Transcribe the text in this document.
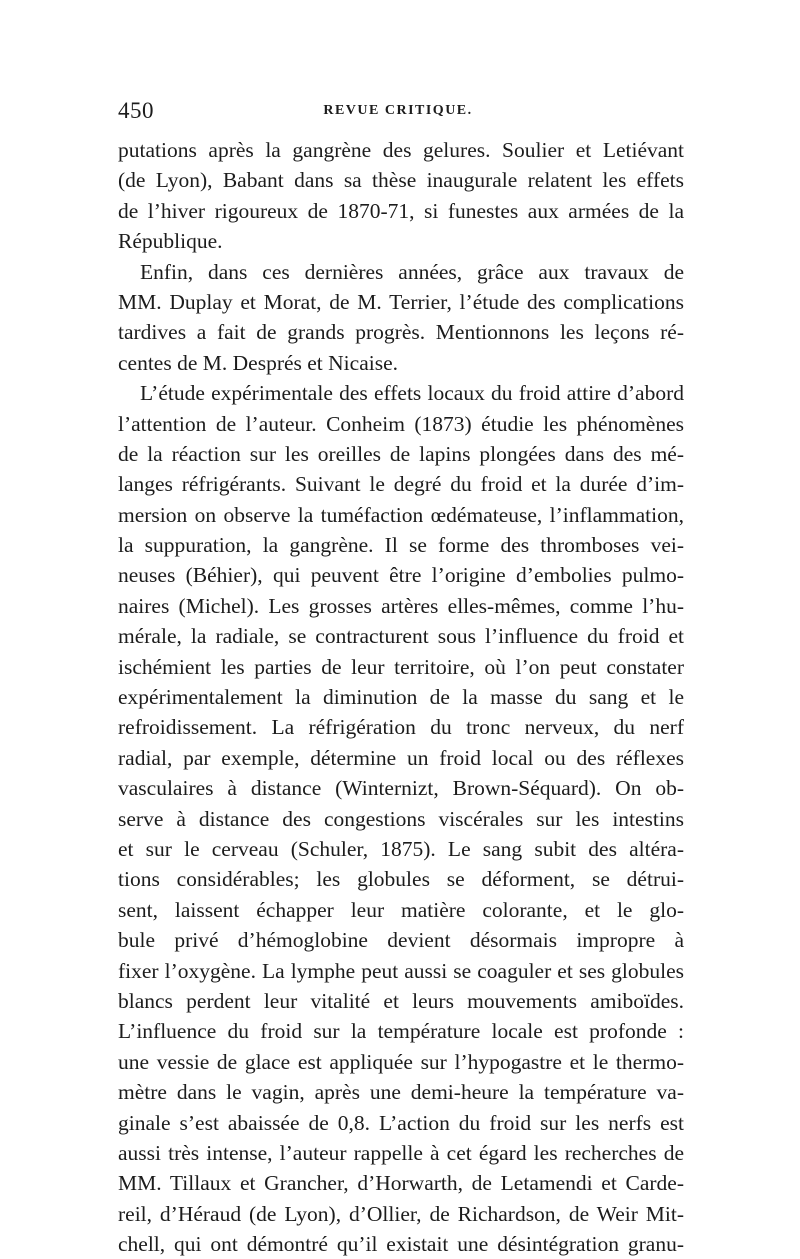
450	REVUE CRITIQUE.
putations après la gangrène des gelures. Soulier et Letiévant
(de Lyon), Babant dans sa thèse inaugurale relatent les effets
de l’hiver rigoureux de 1870-71, si funestes aux armées de la
République.
Enfin, dans ces dernières années, grâce aux travaux de
MM. Duplay et Morat, de M. Terrier, l’étude des complications
tardives a fait de grands progrès. Mentionnons les leçons ré-
centes de M. Després et Nicaise.
L’étude expérimentale des effets locaux du froid attire d’abord
l’attention de l’auteur. Conheim (1873) étudie les phénomènes
de la réaction sur les oreilles de lapins plongées dans des mé-
langes réfrigérants. Suivant le degré du froid et la durée d’im-
mersion on observe la tuméfaction œdémateuse, l’inflammation,
la suppuration, la gangrène. Il se forme des thromboses vei-
neuses (Béhier), qui peuvent être l’origine d’embolies pulmo-
naires (Michel). Les grosses artères elles-mêmes, comme l’hu-
mérale, la radiale, se contracturent sous l’influence du froid et
ischémient les parties de leur territoire, où l’on peut constater
expérimentalement la diminution de la masse du sang et le
refroidissement. La réfrigération du tronc nerveux, du nerf
radial, par exemple, détermine un froid local ou des réflexes
vasculaires à distance (Winternizt, Brown-Séquard). On ob-
serve à distance des congestions viscérales sur les intestins
et sur le cerveau (Schuler, 1875). Le sang subit des altéra-
tions considérables; les globules se déforment, se détrui-
sent, laissent échapper leur matière colorante, et le glo-
bule privé d’hémoglobine devient désormais impropre à
fixer l’oxygène. La lymphe peut aussi se coaguler et ses globules
blancs perdent leur vitalité et leurs mouvements amiboïdes.
L’influence du froid sur la température locale est profonde :
une vessie de glace est appliquée sur l’hypogastre et le thermo-
mètre dans le vagin, après une demi-heure la température va-
ginale s’est abaissée de 0,8. L’action du froid sur les nerfs est
aussi très intense, l’auteur rappelle à cet égard les recherches de
MM. Tillaux et Grancher, d’Horwarth, de Letamendi et Carde-
reil, d’Héraud (de Lyon), d’Ollier, de Richardson, de Weir Mit-
chell, qui ont démontré qu’il existait une désintégration granu-
